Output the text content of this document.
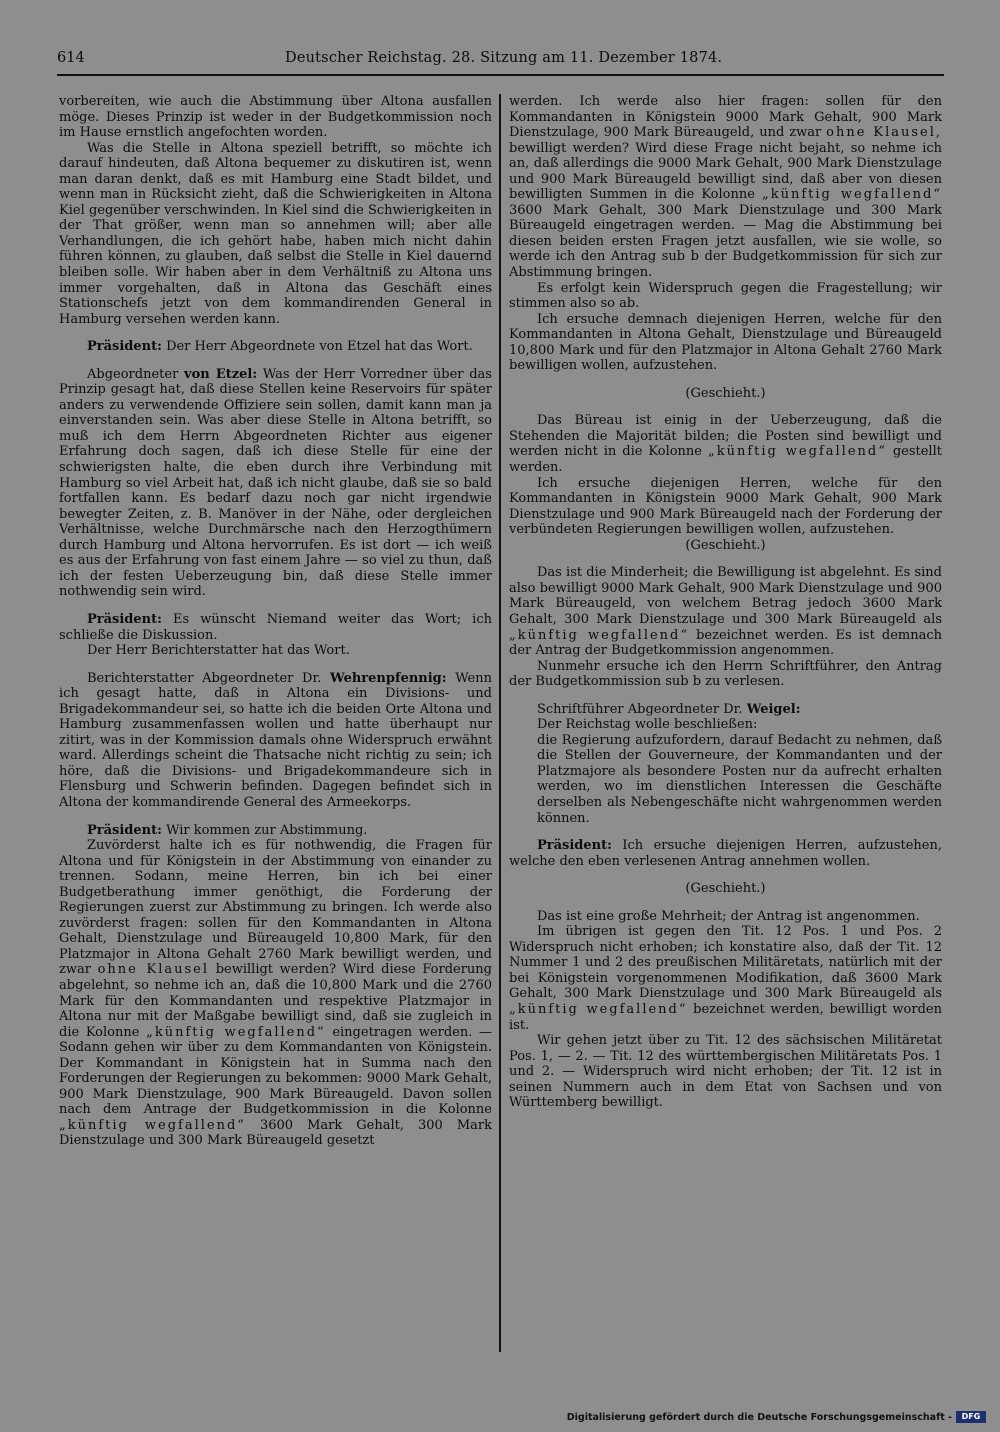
614	Deutscher Reichstag. 28. Sitzung am 11. Dezember 1874.

vorbereiten, wie auch die Abstimmung über Altona ausfallen möge. Dieses Prinzip ist weder in der Budgetkommission noch im Hause ernstlich angefochten worden.

Was die Stelle in Altona speziell betrifft, so möchte ich darauf hindeuten, daß Altona bequemer zu diskutiren ist, wenn man daran denkt, daß es mit Hamburg eine Stadt bildet, und wenn man in Rücksicht zieht, daß die Schwierigkeiten in Altona Kiel gegenüber verschwinden. In Kiel sind die Schwierigkeiten in der That größer, wenn man so annehmen will; aber alle Verhandlungen, die ich gehört habe, haben mich nicht dahin führen können, zu glauben, daß selbst die Stelle in Kiel dauernd bleiben solle. Wir haben aber in dem Verhältniß zu Altona uns immer vorgehalten, daß in Altona das Geschäft eines Stationschefs jetzt von dem kommandirenden General in Hamburg versehen werden kann.

Präsident: Der Herr Abgeordnete von Etzel hat das Wort.

Abgeordneter von Etzel: Was der Herr Vorredner über das Prinzip gesagt hat, daß diese Stellen keine Reservoirs für später anders zu verwendende Offiziere sein sollen, damit kann man ja einverstanden sein. Was aber diese Stelle in Altona betrifft, so muß ich dem Herrn Abgeordneten Richter aus eigener Erfahrung doch sagen, daß ich diese Stelle für eine der schwierigsten halte, die eben durch ihre Verbindung mit Hamburg so viel Arbeit hat, daß ich nicht glaube, daß sie so bald fortfallen kann. Es bedarf dazu noch gar nicht irgendwie bewegter Zeiten, z. B. Manöver in der Nähe, oder dergleichen Verhältnisse, welche Durchmärsche nach den Herzogthümern durch Hamburg und Altona hervorrufen. Es ist dort — ich weiß es aus der Erfahrung von fast einem Jahre — so viel zu thun, daß ich der festen Ueberzeugung bin, daß diese Stelle immer nothwendig sein wird.

Präsident: Es wünscht Niemand weiter das Wort; ich schließe die Diskussion.

Der Herr Berichterstatter hat das Wort.

Berichterstatter Abgeordneter Dr. Wehrenpfennig: Wenn ich gesagt hatte, daß in Altona ein Divisions- und Brigadekommandeur sei, so hatte ich die beiden Orte Altona und Hamburg zusammenfassen wollen und hatte überhaupt nur zitirt, was in der Kommission damals ohne Widerspruch erwähnt ward. Allerdings scheint die Thatsache nicht richtig zu sein; ich höre, daß die Divisions- und Brigadekommandeure sich in Flensburg und Schwerin befinden. Dagegen befindet sich in Altona der kommandirende General des Armeekorps.

Präsident: Wir kommen zur Abstimmung.

Zuvörderst halte ich es für nothwendig, die Fragen für Altona und für Königstein in der Abstimmung von einander zu trennen. Sodann, meine Herren, bin ich bei einer Budgetberathung immer genöthigt, die Forderung der Regierungen zuerst zur Abstimmung zu bringen. Ich werde also zuvörderst fragen: sollen für den Kommandanten in Altona Gehalt, Dienstzulage und Büreaugeld 10,800 Mark, für den Platzmajor in Altona Gehalt 2760 Mark bewilligt werden, und zwar ohne Klausel bewilligt werden? Wird diese Forderung abgelehnt, so nehme ich an, daß die 10,800 Mark und die 2760 Mark für den Kommandanten und respektive Platzmajor in Altona nur mit der Maßgabe bewilligt sind, daß sie zugleich in die Kolonne „künftig wegfallend“ eingetragen werden. — Sodann gehen wir über zu dem Kommandanten von Königstein. Der Kommandant in Königstein hat in Summa nach den Forderungen der Regierungen zu bekommen: 9000 Mark Gehalt, 900 Mark Dienstzulage, 900 Mark Büreaugeld. Davon sollen nach dem Antrage der Budgetkommission in die Kolonne „künftig wegfallend“ 3600 Mark Gehalt, 300 Mark Dienstzulage und 300 Mark Büreaugeld gesetzt

werden. Ich werde also hier fragen: sollen für den Kommandanten in Königstein 9000 Mark Gehalt, 900 Mark Dienstzulage, 900 Mark Büreaugeld, und zwar ohne Klausel, bewilligt werden? Wird diese Frage nicht bejaht, so nehme ich an, daß allerdings die 9000 Mark Gehalt, 900 Mark Dienstzulage und 900 Mark Büreaugeld bewilligt sind, daß aber von diesen bewilligten Summen in die Kolonne „künftig wegfallend“ 3600 Mark Gehalt, 300 Mark Dienstzulage und 300 Mark Büreaugeld eingetragen werden. — Mag die Abstimmung bei diesen beiden ersten Fragen jetzt ausfallen, wie sie wolle, so werde ich den Antrag sub b der Budgetkommission für sich zur Abstimmung bringen.

Es erfolgt kein Widerspruch gegen die Fragestellung; wir stimmen also so ab.

Ich ersuche demnach diejenigen Herren, welche für den Kommandanten in Altona Gehalt, Dienstzulage und Büreaugeld 10,800 Mark und für den Platzmajor in Altona Gehalt 2760 Mark bewilligen wollen, aufzustehen.

(Geschieht.)

Das Büreau ist einig in der Ueberzeugung, daß die Stehenden die Majorität bilden; die Posten sind bewilligt und werden nicht in die Kolonne „künftig wegfallend“ gestellt werden.

Ich ersuche diejenigen Herren, welche für den Kommandanten in Königstein 9000 Mark Gehalt, 900 Mark Dienstzulage und 900 Mark Büreaugeld nach der Forderung der verbündeten Regierungen bewilligen wollen, aufzustehen.

(Geschieht.)

Das ist die Minderheit; die Bewilligung ist abgelehnt. Es sind also bewilligt 9000 Mark Gehalt, 900 Mark Dienstzulage und 900 Mark Büreaugeld, von welchem Betrag jedoch 3600 Mark Gehalt, 300 Mark Dienstzulage und 300 Mark Büreaugeld als „künftig wegfallend“ bezeichnet werden. Es ist demnach der Antrag der Budgetkommission angenommen.

Nunmehr ersuche ich den Herrn Schriftführer, den Antrag der Budgetkommission sub b zu verlesen.

Schriftführer Abgeordneter Dr. Weigel:

Der Reichstag wolle beschließen:

die Regierung aufzufordern, darauf Bedacht zu nehmen, daß die Stellen der Gouverneure, der Kommandanten und der Platzmajore als besondere Posten nur da aufrecht erhalten werden, wo im dienstlichen Interessen die Geschäfte derselben als Nebengeschäfte nicht wahrgenommen werden können.

Präsident: Ich ersuche diejenigen Herren, aufzustehen, welche den eben verlesenen Antrag annehmen wollen.

(Geschieht.)

Das ist eine große Mehrheit; der Antrag ist angenommen.

Im übrigen ist gegen den Tit. 12 Pos. 1 und Pos. 2 Widerspruch nicht erhoben; ich konstatire also, daß der Tit. 12 Nummer 1 und 2 des preußischen Militäretats, natürlich mit der bei Königstein vorgenommenen Modifikation, daß 3600 Mark Gehalt, 300 Mark Dienstzulage und 300 Mark Büreaugeld als „künftig wegfallend“ bezeichnet werden, bewilligt worden ist.

Wir gehen jetzt über zu Tit. 12 des sächsischen Militäretat Pos. 1, — 2. — Tit. 12 des württembergischen Militäretats Pos. 1 und 2. — Widerspruch wird nicht erhoben; der Tit. 12 ist in seinen Nummern auch in dem Etat von Sachsen und von Württemberg bewilligt.

Digitalisierung gefördert durch die Deutsche Forschungsgemeinschaft -	DFG
